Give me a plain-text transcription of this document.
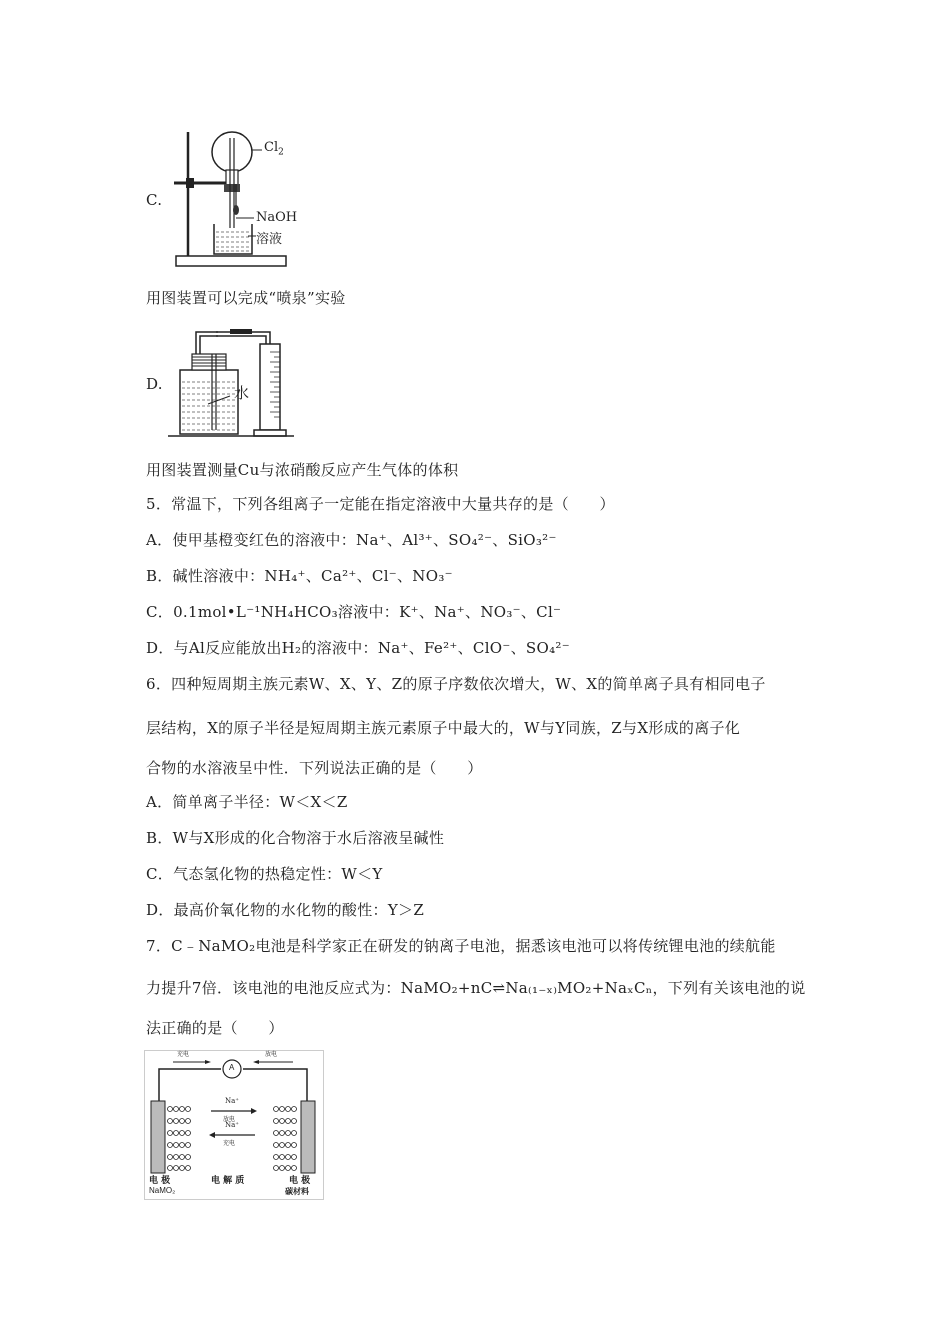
C.
$Cl_2$
NaOH
溶液
用图装置可以完成“喷泉”实验
D.	水
用图装置测量Cu与浓硝酸反应产生气体的体积
5．常温下，下列各组离子一定能在指定溶液中大量共存的是（　　）
A．使甲基橙变红色的溶液中：Na⁺、Al³⁺、SO₄²⁻、SiO₃²⁻
B．碱性溶液中：NH₄⁺、Ca²⁺、Cl⁻、NO₃⁻
C．0.1mol•L⁻¹NH₄HCO₃溶液中：K⁺、Na⁺、NO₃⁻、Cl⁻
D．与Al反应能放出H₂的溶液中：Na⁺、Fe²⁺、ClO⁻、SO₄²⁻
6．四种短周期主族元素W、X、Y、Z的原子序数依次增大，W、X的简单离子具有相同电子
层结构，X的原子半径是短周期主族元素原子中最大的，W与Y同族，Z与X形成的离子化
合物的水溶液呈中性．下列说法正确的是（　　）
A．简单离子半径：W＜X＜Z
B．W与X形成的化合物溶于水后溶液呈碱性
C．气态氢化物的热稳定性：W＜Y
D．最高价氧化物的水化物的酸性：Y＞Z
7．C﹣NaMO₂电池是科学家正在研发的钠离子电池，据悉该电池可以将传统锂电池的续航能
力提升7倍．该电池的电池反应式为：NaMO₂+nC⇌Na₍₁₋ₓ₎MO₂+NaₓCₙ，下列有关该电池的说
法正确的是（　　）
充电	放电
A
Na⁺
放电
Na⁺
充电
电 极	电 解 质	电 极
NaMO₂	碳材料
